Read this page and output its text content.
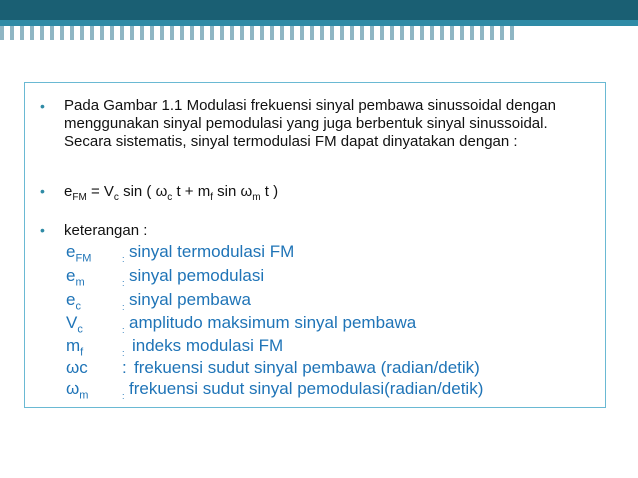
• Pada Gambar 1.1 Modulasi frekuensi sinyal pembawa sinussoidal dengan
menggunakan sinyal pemodulasi yang juga berbentuk sinyal sinussoidal.
Secara sistematis, sinyal termodulasi FM dapat dinyatakan dengan :
• $e_{FM} = V_c$ sin ( $\omega_c$ $t + m_f$ $\sin \omega_m$ t )
• keterangan :
$e_{FM}$	: sinyal termodulasi FM
$e_m$	: sinyal pemodulasi
$e_c$	: sinyal pembawa
$V_c$	: amplitudo maksimum sinyal pembawa
$m_f$	: indeks modulasi FM
ωc : frekuensi sudut sinyal pembawa (radian/detik)
$\omega_m$	: frekuensi sudut sinyal pemodulasi(radian/detik)
